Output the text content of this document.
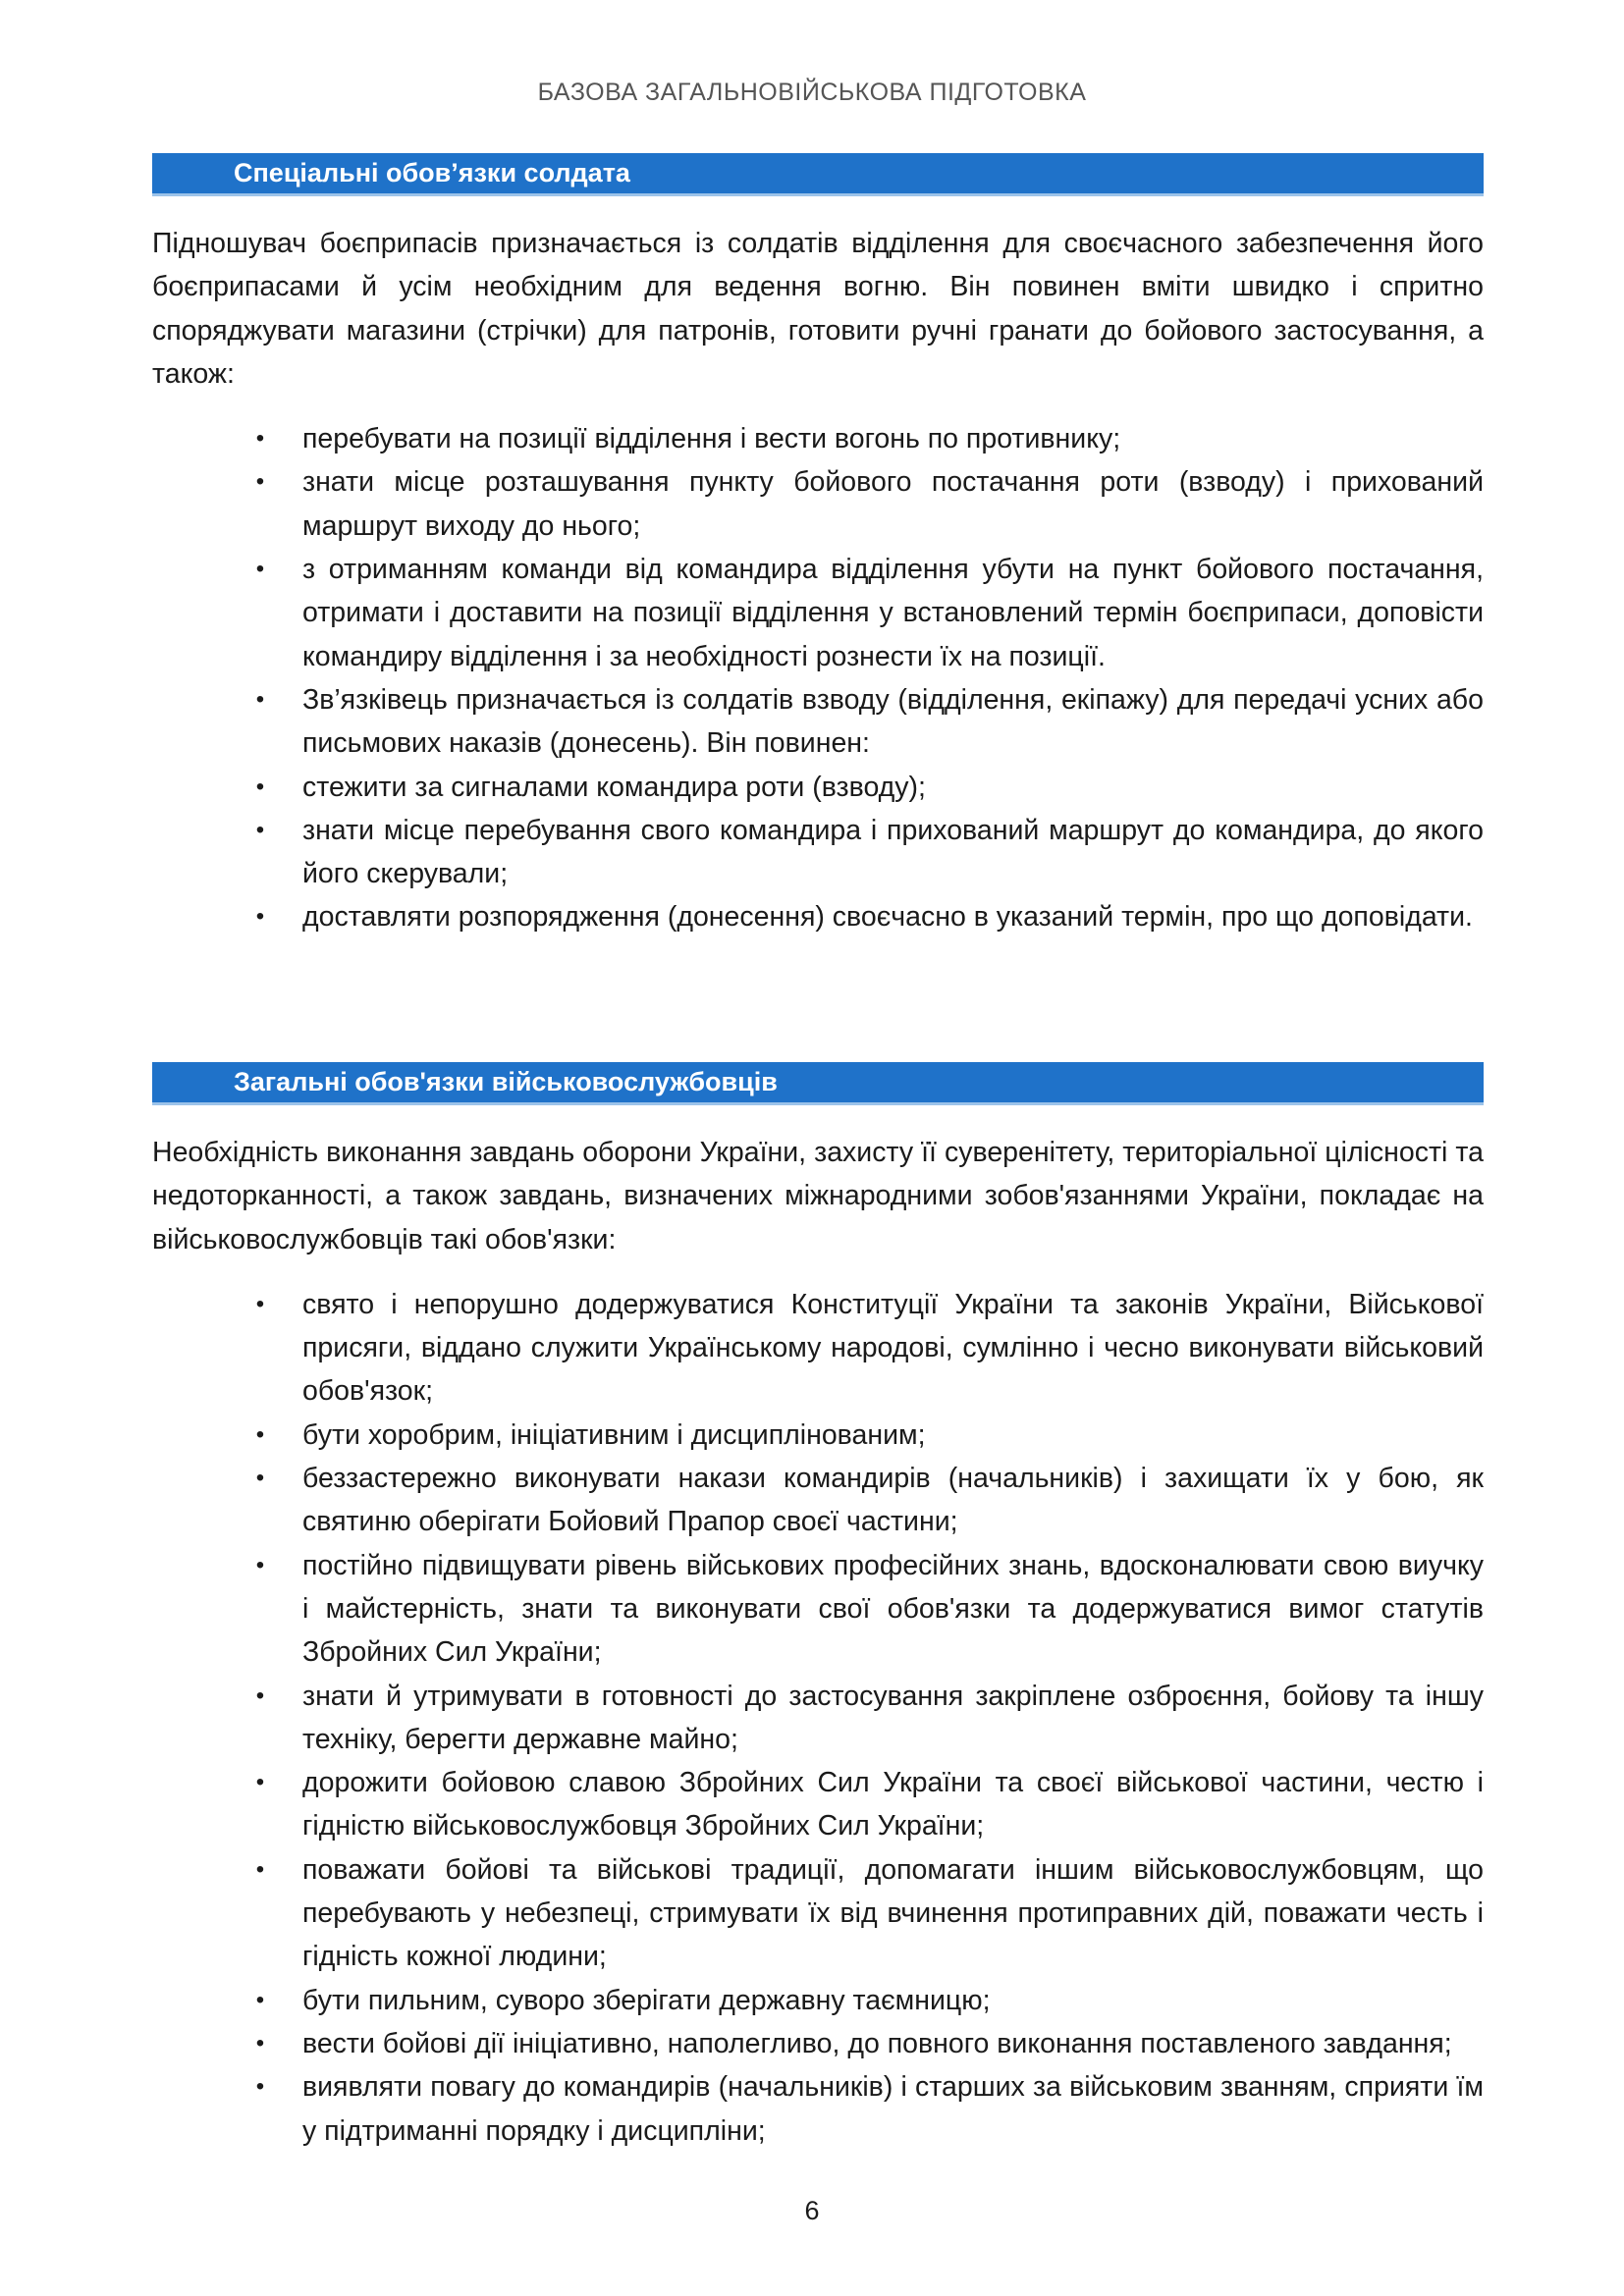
БАЗОВА ЗАГАЛЬНОВІЙСЬКОВА ПІДГОТОВКА
Спеціальні обов’язки солдата

Підношувач боєприпасів призначається із солдатів відділення для своєчасного забезпечення його боєприпасами й усім необхідним для ведення вогню. Він повинен вміти швидко і спритно споряджувати магазини (стрічки) для патронів, готовити ручні гранати до бойового застосування, а також:

• перебувати на позиції відділення і вести вогонь по противнику;
• знати місце розташування пункту бойового постачання роти (взводу) і прихований маршрут виходу до нього;
• з отриманням команди від командира відділення убути на пункт бойового постачання, отримати і доставити на позиції відділення у встановлений термін боєприпаси, доповісти командиру відділення і за необхідності рознести їх на позиції.
• Зв’язківець призначається із солдатів взводу (відділення, екіпажу) для передачі усних або письмових наказів (донесень). Він повинен:
• стежити за сигналами командира роти (взводу);
• знати місце перебування свого командира і прихований маршрут до командира, до якого його скерували;
• доставляти розпорядження (донесення) своєчасно в указаний термін, про що доповідати.
Загальні обов'язки військовослужбовців

Необхідність виконання завдань оборони України, захисту її суверенітету, територіальної цілісності та недоторканності, а також завдань, визначених міжнародними зобов'язаннями України, покладає на військовослужбовців такі обов'язки:

• свято і непорушно додержуватися Конституції України та законів України, Військової присяги, віддано служити Українському народові, сумлінно і чесно виконувати військовий обов'язок;
• бути хоробрим, ініціативним і дисциплінованим;
• беззастережно виконувати накази командирів (начальників) і захищати їх у бою, як святиню оберігати Бойовий Прапор своєї частини;
• постійно підвищувати рівень військових професійних знань, вдосконалювати свою виучку і майстерність, знати та виконувати свої обов'язки та додержуватися вимог статутів Збройних Сил України;
• знати й утримувати в готовності до застосування закріплене озброєння, бойову та іншу техніку, берегти державне майно;
• дорожити бойовою славою Збройних Сил України та своєї військової частини, честю і гідністю військовослужбовця Збройних Сил України;
• поважати бойові та військові традиції, допомагати іншим військовослужбовцям, що перебувають у небезпеці, стримувати їх від вчинення протиправних дій, поважати честь і гідність кожної людини;
• бути пильним, суворо зберігати державну таємницю;
• вести бойові дії ініціативно, наполегливо, до повного виконання поставленого завдання;
• виявляти повагу до командирів (начальників) і старших за військовим званням, сприяти їм у підтриманні порядку і дисципліни;
6
